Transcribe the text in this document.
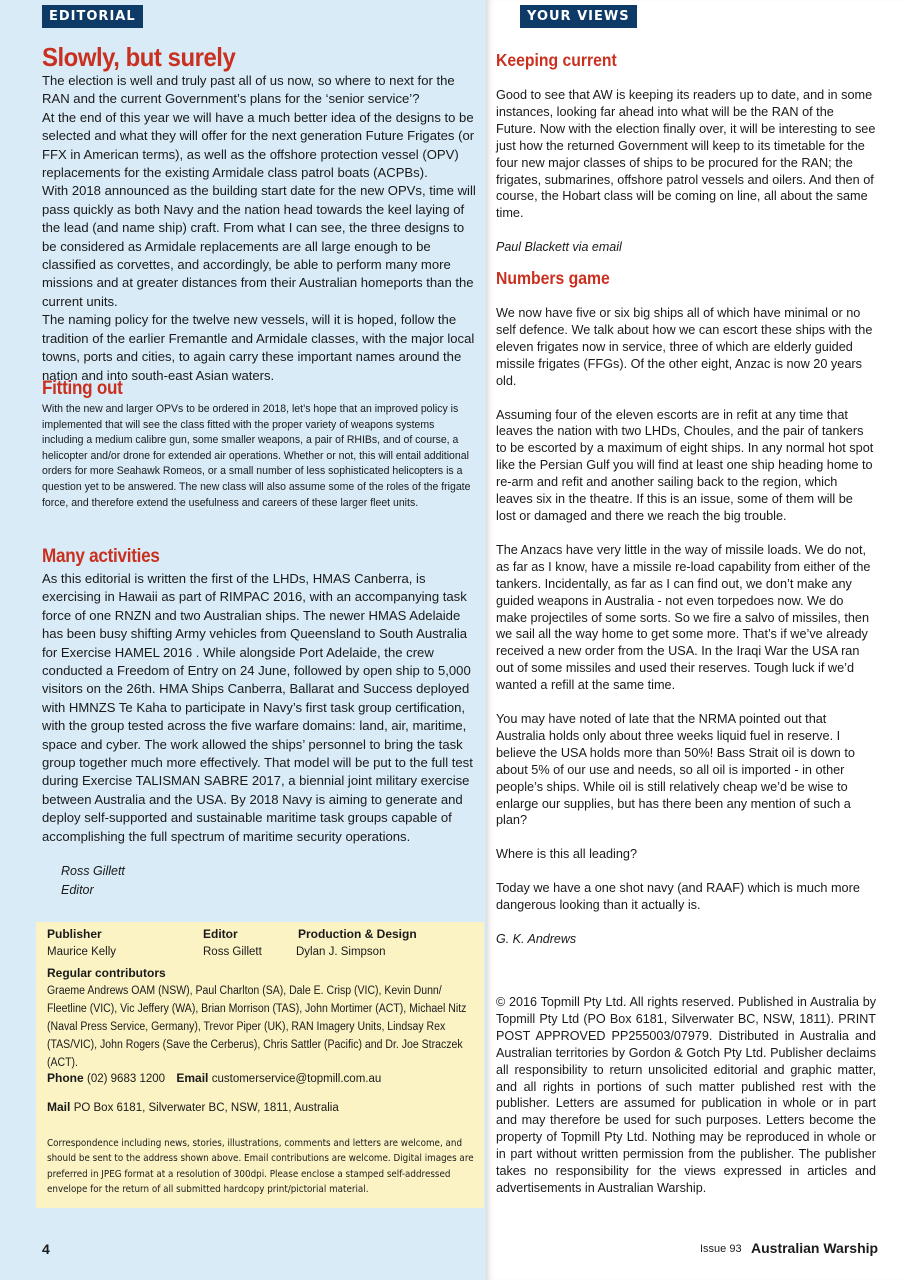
EDITORIAL	YOUR VIEWS
Slowly, but surely

The election is well and truly past all of us now, so where to next for the RAN and the current Government’s plans for the ‘senior service’?

At the end of this year we will have a much better idea of the designs to be selected and what they will offer for the next generation Future Frigates (or FFX in American terms), as well as the offshore protection vessel (OPV) replacements for the existing Armidale class patrol boats (ACPBs).

With 2018 announced as the building start date for the new OPVs, time will pass quickly as both Navy and the nation head towards the keel laying of the lead (and name ship) craft. From what I can see, the three designs to be considered as Armidale replacements are all large enough to be classified as corvettes, and accordingly, be able to perform many more missions and at greater distances from their Australian homeports than the current units.

The naming policy for the twelve new vessels, will it is hoped, follow the tradition of the earlier Fremantle and Armidale classes, with the major local towns, ports and cities, to again carry these important names around the nation and into south-east Asian waters.

Fitting out

With the new and larger OPVs to be ordered in 2018, let’s hope that an improved policy is implemented that will see the class fitted with the proper variety of weapons systems including a medium calibre gun, some smaller weapons, a pair of RHIBs, and of course, a helicopter and/or drone for extended air operations. Whether or not, this will entail additional orders for more Seahawk Romeos, or a small number of less sophisticated helicopters is a question yet to be answered. The new class will also assume some of the roles of the frigate force, and therefore extend the usefulness and careers of these larger fleet units.

Many activities

As this editorial is written the first of the LHDs, HMAS Canberra, is exercising in Hawaii as part of RIMPAC 2016, with an accompanying task force of one RNZN and two Australian ships. The newer HMAS Adelaide has been busy shifting Army vehicles from Queensland to South Australia for Exercise HAMEL 2016 . While alongside Port Adelaide, the crew conducted a Freedom of Entry on 24 June, followed by open ship to 5,000 visitors on the 26th. HMA Ships Canberra, Ballarat and Success deployed with HMNZS Te Kaha to participate in Navy’s first task group certification, with the group tested across the five warfare domains: land, air, maritime, space and cyber. The work allowed the ships’ personnel to bring the task group together much more effectively. That model will be put to the full test during Exercise TALISMAN SABRE 2017, a biennial joint military exercise between Australia and the USA. By 2018 Navy is aiming to generate and deploy self-supported and sustainable maritime task groups capable of accomplishing the full spectrum of maritime security operations.

Ross Gillett
Editor
Publisher
Maurice Kelly
Editor
Ross Gillett
Production & Design
Dylan J. Simpson
Regular contributors
Graeme Andrews OAM (NSW), Paul Charlton (SA), Dale E. Crisp (VIC), Kevin Dunn/ Fleetline (VIC), Vic Jeffery (WA), Brian Morrison (TAS), John Mortimer (ACT), Michael Nitz (Naval Press Service, Germany), Trevor Piper (UK), RAN Imagery Units, Lindsay Rex (TAS/VIC), John Rogers (Save the Cerberus), Chris Sattler (Pacific) and Dr. Joe Straczek (ACT).
Phone (02) 9683 1200 Email customerservice@topmill.com.au
Mail PO Box 6181, Silverwater BC, NSW, 1811, Australia
Correspondence including news, stories, illustrations, comments and letters are welcome, and should be sent to the address shown above. Email contributions are welcome. Digital images are preferred in JPEG format at a resolution of 300dpi. Please enclose a stamped self-addressed envelope for the return of all submitted hardcopy print/pictorial material.
Keeping current

Good to see that AW is keeping its readers up to date, and in some instances, looking far ahead into what will be the RAN of the Future. Now with the election finally over, it will be interesting to see just how the returned Government will keep to its timetable for the four new major classes of ships to be procured for the RAN; the frigates, submarines, offshore patrol vessels and oilers. And then of course, the Hobart class will be coming on line, all about the same time.

Paul Blackett via email

Numbers game

We now have five or six big ships all of which have minimal or no self defence. We talk about how we can escort these ships with the eleven frigates now in service, three of which are elderly guided missile frigates (FFGs). Of the other eight, Anzac is now 20 years old.

Assuming four of the eleven escorts are in refit at any time that leaves the nation with two LHDs, Choules, and the pair of tankers to be escorted by a maximum of eight ships. In any normal hot spot like the Persian Gulf you will find at least one ship heading home to re-arm and refit and another sailing back to the region, which leaves six in the theatre. If this is an issue, some of them will be lost or damaged and there we reach the big trouble.

The Anzacs have very little in the way of missile loads. We do not, as far as I know, have a missile re-load capability from either of the tankers. Incidentally, as far as I can find out, we don’t make any guided weapons in Australia - not even torpedoes now. We do make projectiles of some sorts. So we fire a salvo of missiles, then we sail all the way home to get some more. That’s if we’ve already received a new order from the USA. In the Iraqi War the USA ran out of some missiles and used their reserves. Tough luck if we’d wanted a refill at the same time.

You may have noted of late that the NRMA pointed out that Australia holds only about three weeks liquid fuel in reserve. I believe the USA holds more than 50%! Bass Strait oil is down to about 5% of our use and needs, so all oil is imported - in other people’s ships. While oil is still relatively cheap we’d be wise to enlarge our supplies, but has there been any mention of such a plan?

Where is this all leading?

Today we have a one shot navy (and RAAF) which is much more dangerous looking than it actually is.

G. K. Andrews

© 2016 Topmill Pty Ltd. All rights reserved. Published in Australia by Topmill Pty Ltd (PO Box 6181, Silverwater BC, NSW, 1811). PRINT POST APPROVED PP255003/07979. Distributed in Australia and Australian territories by Gordon & Gotch Pty Ltd. Publisher declaims all responsibility to return unsolicited editorial and graphic matter, and all rights in portions of such matter published rest with the publisher. Letters are assumed for publication in whole or in part and may therefore be used for such purposes. Letters become the property of Topmill Pty Ltd. Nothing may be reproduced in whole or in part without written permission from the publisher. The publisher takes no responsibility for the views expressed in articles and advertisements in Australian Warship.

4	Issue 93 Australian Warship
